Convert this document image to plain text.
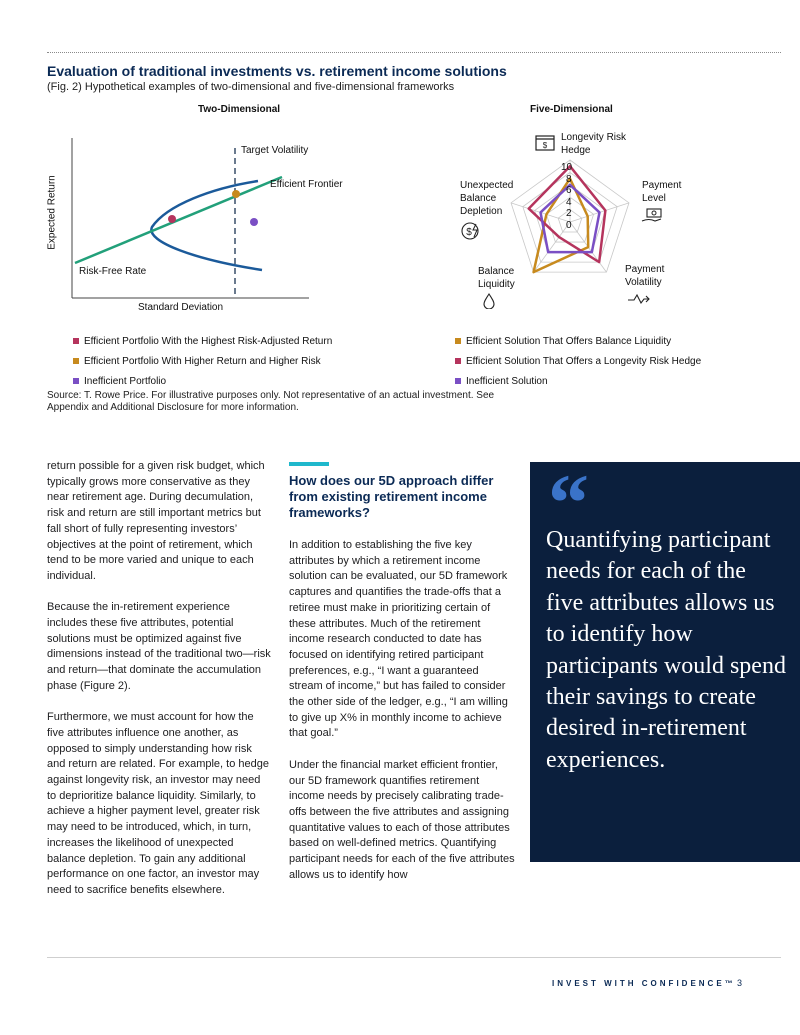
Evaluation of traditional investments vs. retirement income solutions
(Fig. 2) Hypothetical examples of two-dimensional and five-dimensional frameworks
Two-Dimensional
Target Volatility
Efficient Frontier
Risk-Free Rate
Standard Deviation
Expected Return
Five-Dimensional
10
8
6
4
2
0
$
Longevity Risk Hedge
Payment Level
Payment Volatility
Balance Liquidity
Unexpected Balance Depletion
$
Efficient Portfolio With the Highest Risk-Adjusted Return
Efficient Portfolio With Higher Return and Higher Risk
Inefficient Portfolio
Efficient Solution That Offers Balance Liquidity
Efficient Solution That Offers a Longevity Risk Hedge
Inefficient Solution
Source: T. Rowe Price. For illustrative purposes only. Not representative of an actual investment. See Appendix and Additional Disclosure for more information.

return possible for a given risk budget, which typically grows more conservative as they near retirement age. During decumulation, risk and return are still important metrics but fall short of fully representing investors’ objectives at the point of retirement, which tend to be more varied and unique to each individual.

Because the in-retirement experience includes these five attributes, potential solutions must be optimized against five dimensions instead of the traditional two—risk and return—that dominate the accumulation phase (Figure 2).

Furthermore, we must account for how the five attributes influence one another, as opposed to simply understanding how risk and return are related. For example, to hedge against longevity risk, an investor may need to deprioritize balance liquidity. Similarly, to achieve a higher payment level, greater risk may need to be introduced, which, in turn, increases the likelihood of unexpected balance depletion. To gain any additional performance on one factor, an investor may need to sacrifice benefits elsewhere.

How does our 5D approach differ from existing retirement income frameworks?

In addition to establishing the five key attributes by which a retirement income solution can be evaluated, our 5D framework captures and quantifies the trade-offs that a retiree must make in prioritizing certain of these attributes. Much of the retirement income research conducted to date has focused on identifying retired participant preferences, e.g., “I want a guaranteed stream of income,” but has failed to consider the other side of the ledger, e.g., “I am willing to give up X% in monthly income to achieve that goal.”

Under the financial market efficient frontier, our 5D framework quantifies retirement income needs by precisely calibrating trade-offs between the five attributes and assigning quantitative values to each of those attributes based on well-defined metrics. Quantifying participant needs for each of the five attributes allows us to identify how

“
Quantifying participant needs for each of the five attributes allows us to identify how participants would spend their savings to create desired in-retirement experiences.
INVEST WITH CONFIDENCE™ 3
